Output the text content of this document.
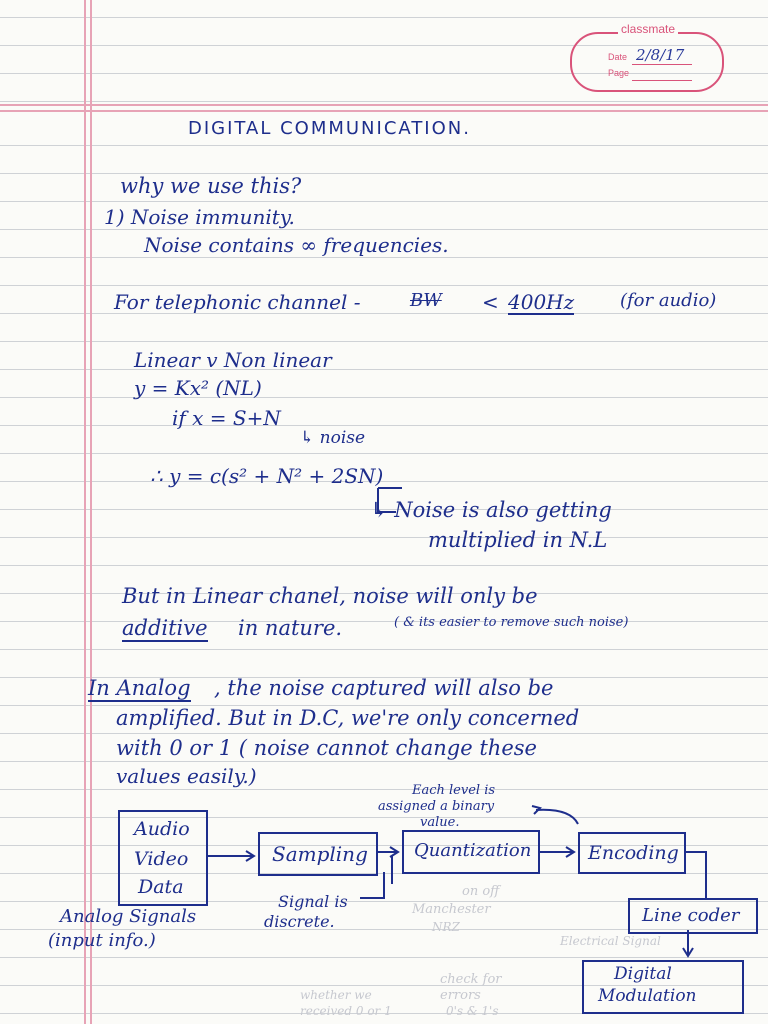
classmate
Date 2/8/17
Page
on off
Manchester
NRZ
Electrical Signal
check for
errors
whether we
received 0 or 1	0's & 1's
DIGITAL COMMUNICATION.
why we use this?
1) Noise immunity.
Noise contains ∞ frequencies.
For telephonic channel -	BW < 400Hz	(for audio)
Linear v Non linear
y = Kx² (NL)
if x = S+N
↳ noise
∴ y = c(s² + N² + 2SN)
↳ Noise is also getting
multiplied in N.L
But in Linear chanel, noise will only be
additive in nature.	( & its easier to remove such noise)
In Analog , the noise captured will also be
amplified. But in D.C, we're only concerned
with 0 or 1 ( noise cannot change these
values easily.)
Audio
Video
Data
Analog Signals
(input info.)
Sampling
Signal is
discrete.
Each level is
assigned a binary
value.
Quantization	Encoding
Line coder
Digital
Modulation
